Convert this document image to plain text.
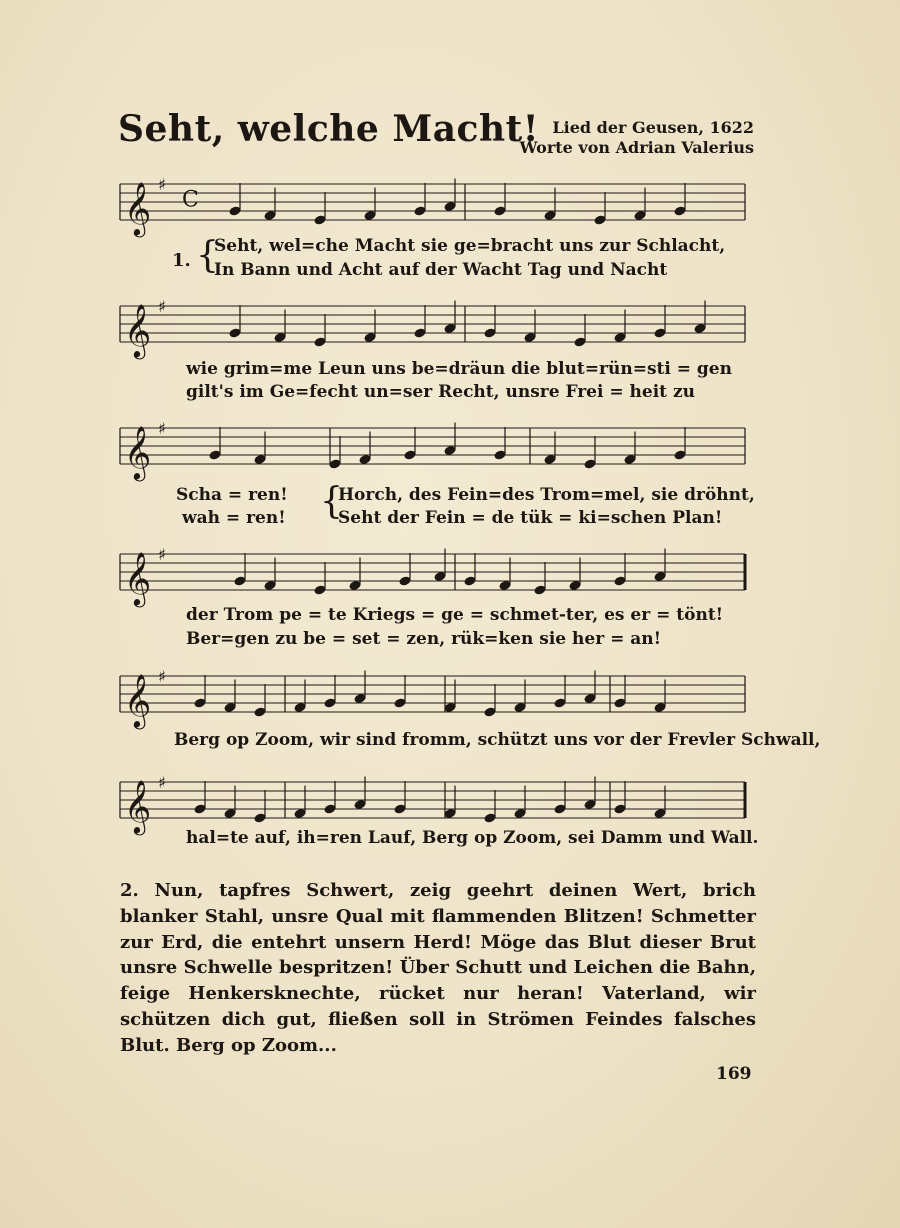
Seht, welche Macht! Lied der Geusen, 1622
Worte von Adrian Valerius
𝄞 ♯
C
1. {
Seht, wel=che Macht sie ge=bracht uns zur Schlacht,
In Bann und Acht auf der Wacht Tag und Nacht
𝄞 ♯
wie grim=me Leun uns be=dräun die blut=rün=sti = gen
gilt's im Ge=fecht un=ser Recht, unsre Frei = heit zu
𝄞 ♯
Scha = ren!
wah = ren! {
Horch, des Fein=des Trom=mel, sie dröhnt,
Seht der Fein = de tük = ki=schen Plan!
𝄞 ♯
der Trom pe = te Kriegs = ge = schmet-ter, es er = tönt!
Ber=gen zu be = set = zen, rük=ken sie her = an!
𝄞 ♯
Berg op Zoom, wir sind fromm, schützt uns vor der Frevler Schwall,
𝄞 ♯
hal=te auf, ih=ren Lauf, Berg op Zoom, sei Damm und Wall.
2. Nun, tapfres Schwert, zeig geehrt deinen Wert, brich blanker Stahl, unsre Qual mit flammenden Blitzen! Schmetter zur Erd, die entehrt unsern Herd! Möge das Blut dieser Brut unsre Schwelle bespritzen! Über Schutt und Leichen die Bahn, feige Henkersknechte, rücket nur heran! Vaterland, wir schützen dich gut, fließen soll in Strömen Feindes falsches Blut. Berg op Zoom...
169
